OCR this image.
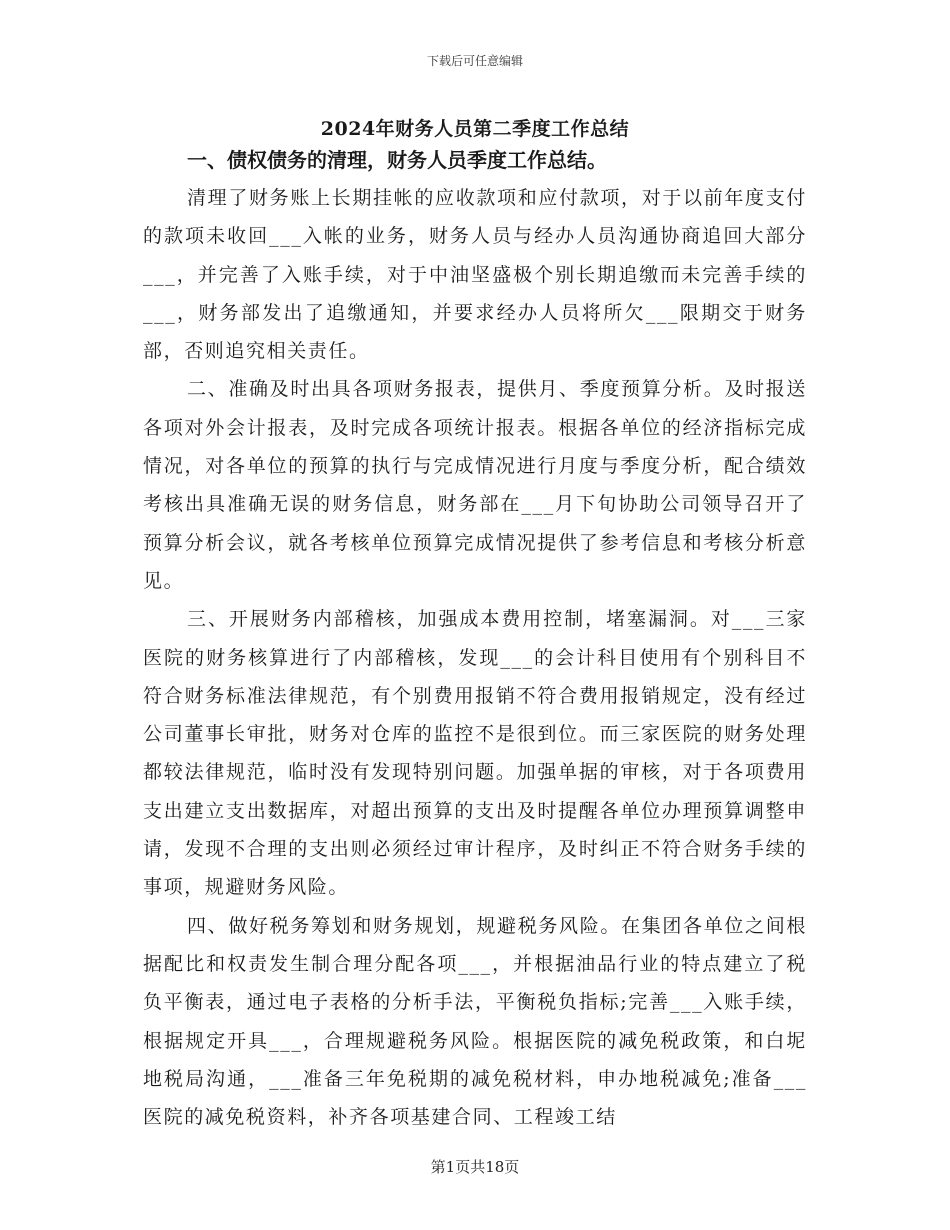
下载后可任意编辑

2024年财务人员第二季度工作总结
一、债权债务的清理，财务人员季度工作总结。

清理了财务账上长期挂帐的应收款项和应付款项，对于以前年度支付的款项未收回___入帐的业务，财务人员与经办人员沟通协商追回大部分___，并完善了入账手续，对于中油坚盛极个别长期追缴而未完善手续的___，财务部发出了追缴通知，并要求经办人员将所欠___限期交于财务部，否则追究相关责任。

二、准确及时出具各项财务报表，提供月、季度预算分析。及时报送各项对外会计报表，及时完成各项统计报表。根据各单位的经济指标完成情况，对各单位的预算的执行与完成情况进行月度与季度分析，配合绩效考核出具准确无误的财务信息，财务部在___月下旬协助公司领导召开了预算分析会议，就各考核单位预算完成情况提供了参考信息和考核分析意见。

三、开展财务内部稽核，加强成本费用控制，堵塞漏洞。对___三家医院的财务核算进行了内部稽核，发现___的会计科目使用有个别科目不符合财务标准法律规范，有个别费用报销不符合费用报销规定，没有经过公司董事长审批，财务对仓库的监控不是很到位。而三家医院的财务处理都较法律规范，临时没有发现特别问题。加强单据的审核，对于各项费用支出建立支出数据库，对超出预算的支出及时提醒各单位办理预算调整申请，发现不合理的支出则必须经过审计程序，及时纠正不符合财务手续的事项，规避财务风险。

四、做好税务筹划和财务规划，规避税务风险。在集团各单位之间根据配比和权责发生制合理分配各项___，并根据油品行业的特点建立了税负平衡表，通过电子表格的分析手法，平衡税负指标;完善___入账手续，根据规定开具___，合理规避税务风险。根据医院的减免税政策，和白坭地税局沟通，___准备三年免税期的减免税材料，申办地税减免;准备___医院的减免税资料，补齐各项基建合同、工程竣工结

第1页共18页
